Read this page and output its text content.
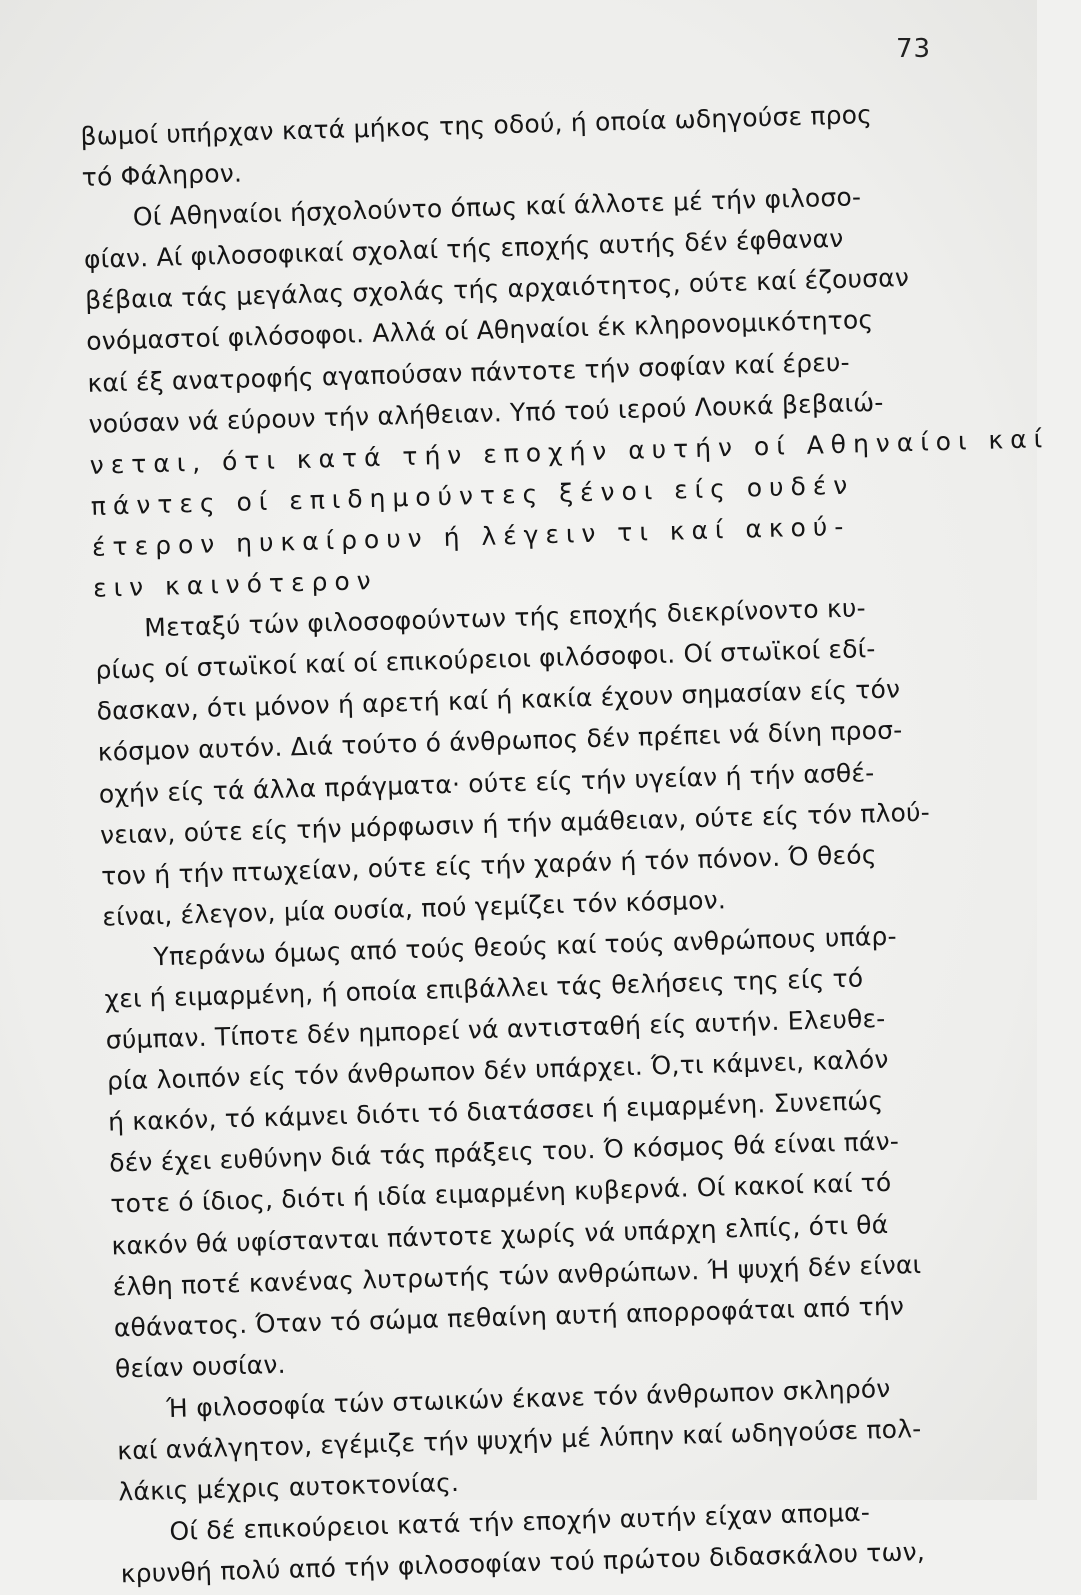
73
βωμοί υπήρχαν κατά μήκος της οδού, ή οποία ωδηγούσε προς
τό Φάληρον.
Οί Αθηναίοι ήσχολούντο όπως καί άλλοτε μέ τήν φιλοσο-
φίαν. Αί φιλοσοφικαί σχολαί τής εποχής αυτής δέν έφθαναν
βέβαια τάς μεγάλας σχολάς τής αρχαιότητος, ούτε καί έζουσαν
ονόμαστοί φιλόσοφοι. Αλλά οί Αθηναίοι έκ κληρονομικότητος
καί έξ ανατροφής αγαπούσαν πάντοτε τήν σοφίαν καί έρευ-
νούσαν νά εύρουν τήν αλήθειαν. Υπό τού ιερού Λουκά βεβαιώ-
νεται, ότι κατά τήν εποχήν αυτήν οί Αθηναίοι καί
πάντες οί επιδημούντες ξένοι είς ουδέν
έτερον ηυκαίρουν ή λέγειν τι καί ακού-
ειν καινότερον
Μεταξύ τών φιλοσοφούντων τής εποχής διεκρίνοντο κυ-
ρίως οί στωϊκοί καί οί επικούρειοι φιλόσοφοι. Οί στωϊκοί εδί-
δασκαν, ότι μόνον ή αρετή καί ή κακία έχουν σημασίαν είς τόν
κόσμον αυτόν. Διά τούτο ό άνθρωπος δέν πρέπει νά δίνη προσ-
οχήν είς τά άλλα πράγματα· ούτε είς τήν υγείαν ή τήν ασθέ-
νειαν, ούτε είς τήν μόρφωσιν ή τήν αμάθειαν, ούτε είς τόν πλού-
τον ή τήν πτωχείαν, ούτε είς τήν χαράν ή τόν πόνον. Ό θεός
είναι, έλεγον, μία ουσία, πού γεμίζει τόν κόσμον.
Υπεράνω όμως από τούς θεούς καί τούς ανθρώπους υπάρ-
χει ή ειμαρμένη, ή οποία επιβάλλει τάς θελήσεις της είς τό
σύμπαν. Τίποτε δέν ημπορεί νά αντισταθή είς αυτήν. Ελευθε-
ρία λοιπόν είς τόν άνθρωπον δέν υπάρχει. Ό,τι κάμνει, καλόν
ή κακόν, τό κάμνει διότι τό διατάσσει ή ειμαρμένη. Συνεπώς
δέν έχει ευθύνην διά τάς πράξεις του. Ό κόσμος θά είναι πάν-
τοτε ό ίδιος, διότι ή ιδία ειμαρμένη κυβερνά. Οί κακοί καί τό
κακόν θά υφίστανται πάντοτε χωρίς νά υπάρχη ελπίς, ότι θά
έλθη ποτέ κανένας λυτρωτής τών ανθρώπων. Ή ψυχή δέν είναι
αθάνατος. Όταν τό σώμα πεθαίνη αυτή απορροφάται από τήν
θείαν ουσίαν.
Ή φιλοσοφία τών στωικών έκανε τόν άνθρωπον σκληρόν
καί ανάλγητον, εγέμιζε τήν ψυχήν μέ λύπην καί ωδηγούσε πολ-
λάκις μέχρις αυτοκτονίας.
Οί δέ επικούρειοι κατά τήν εποχήν αυτήν είχαν απομα-
κρυνθή πολύ από τήν φιλοσοφίαν τού πρώτου διδασκάλου των,
